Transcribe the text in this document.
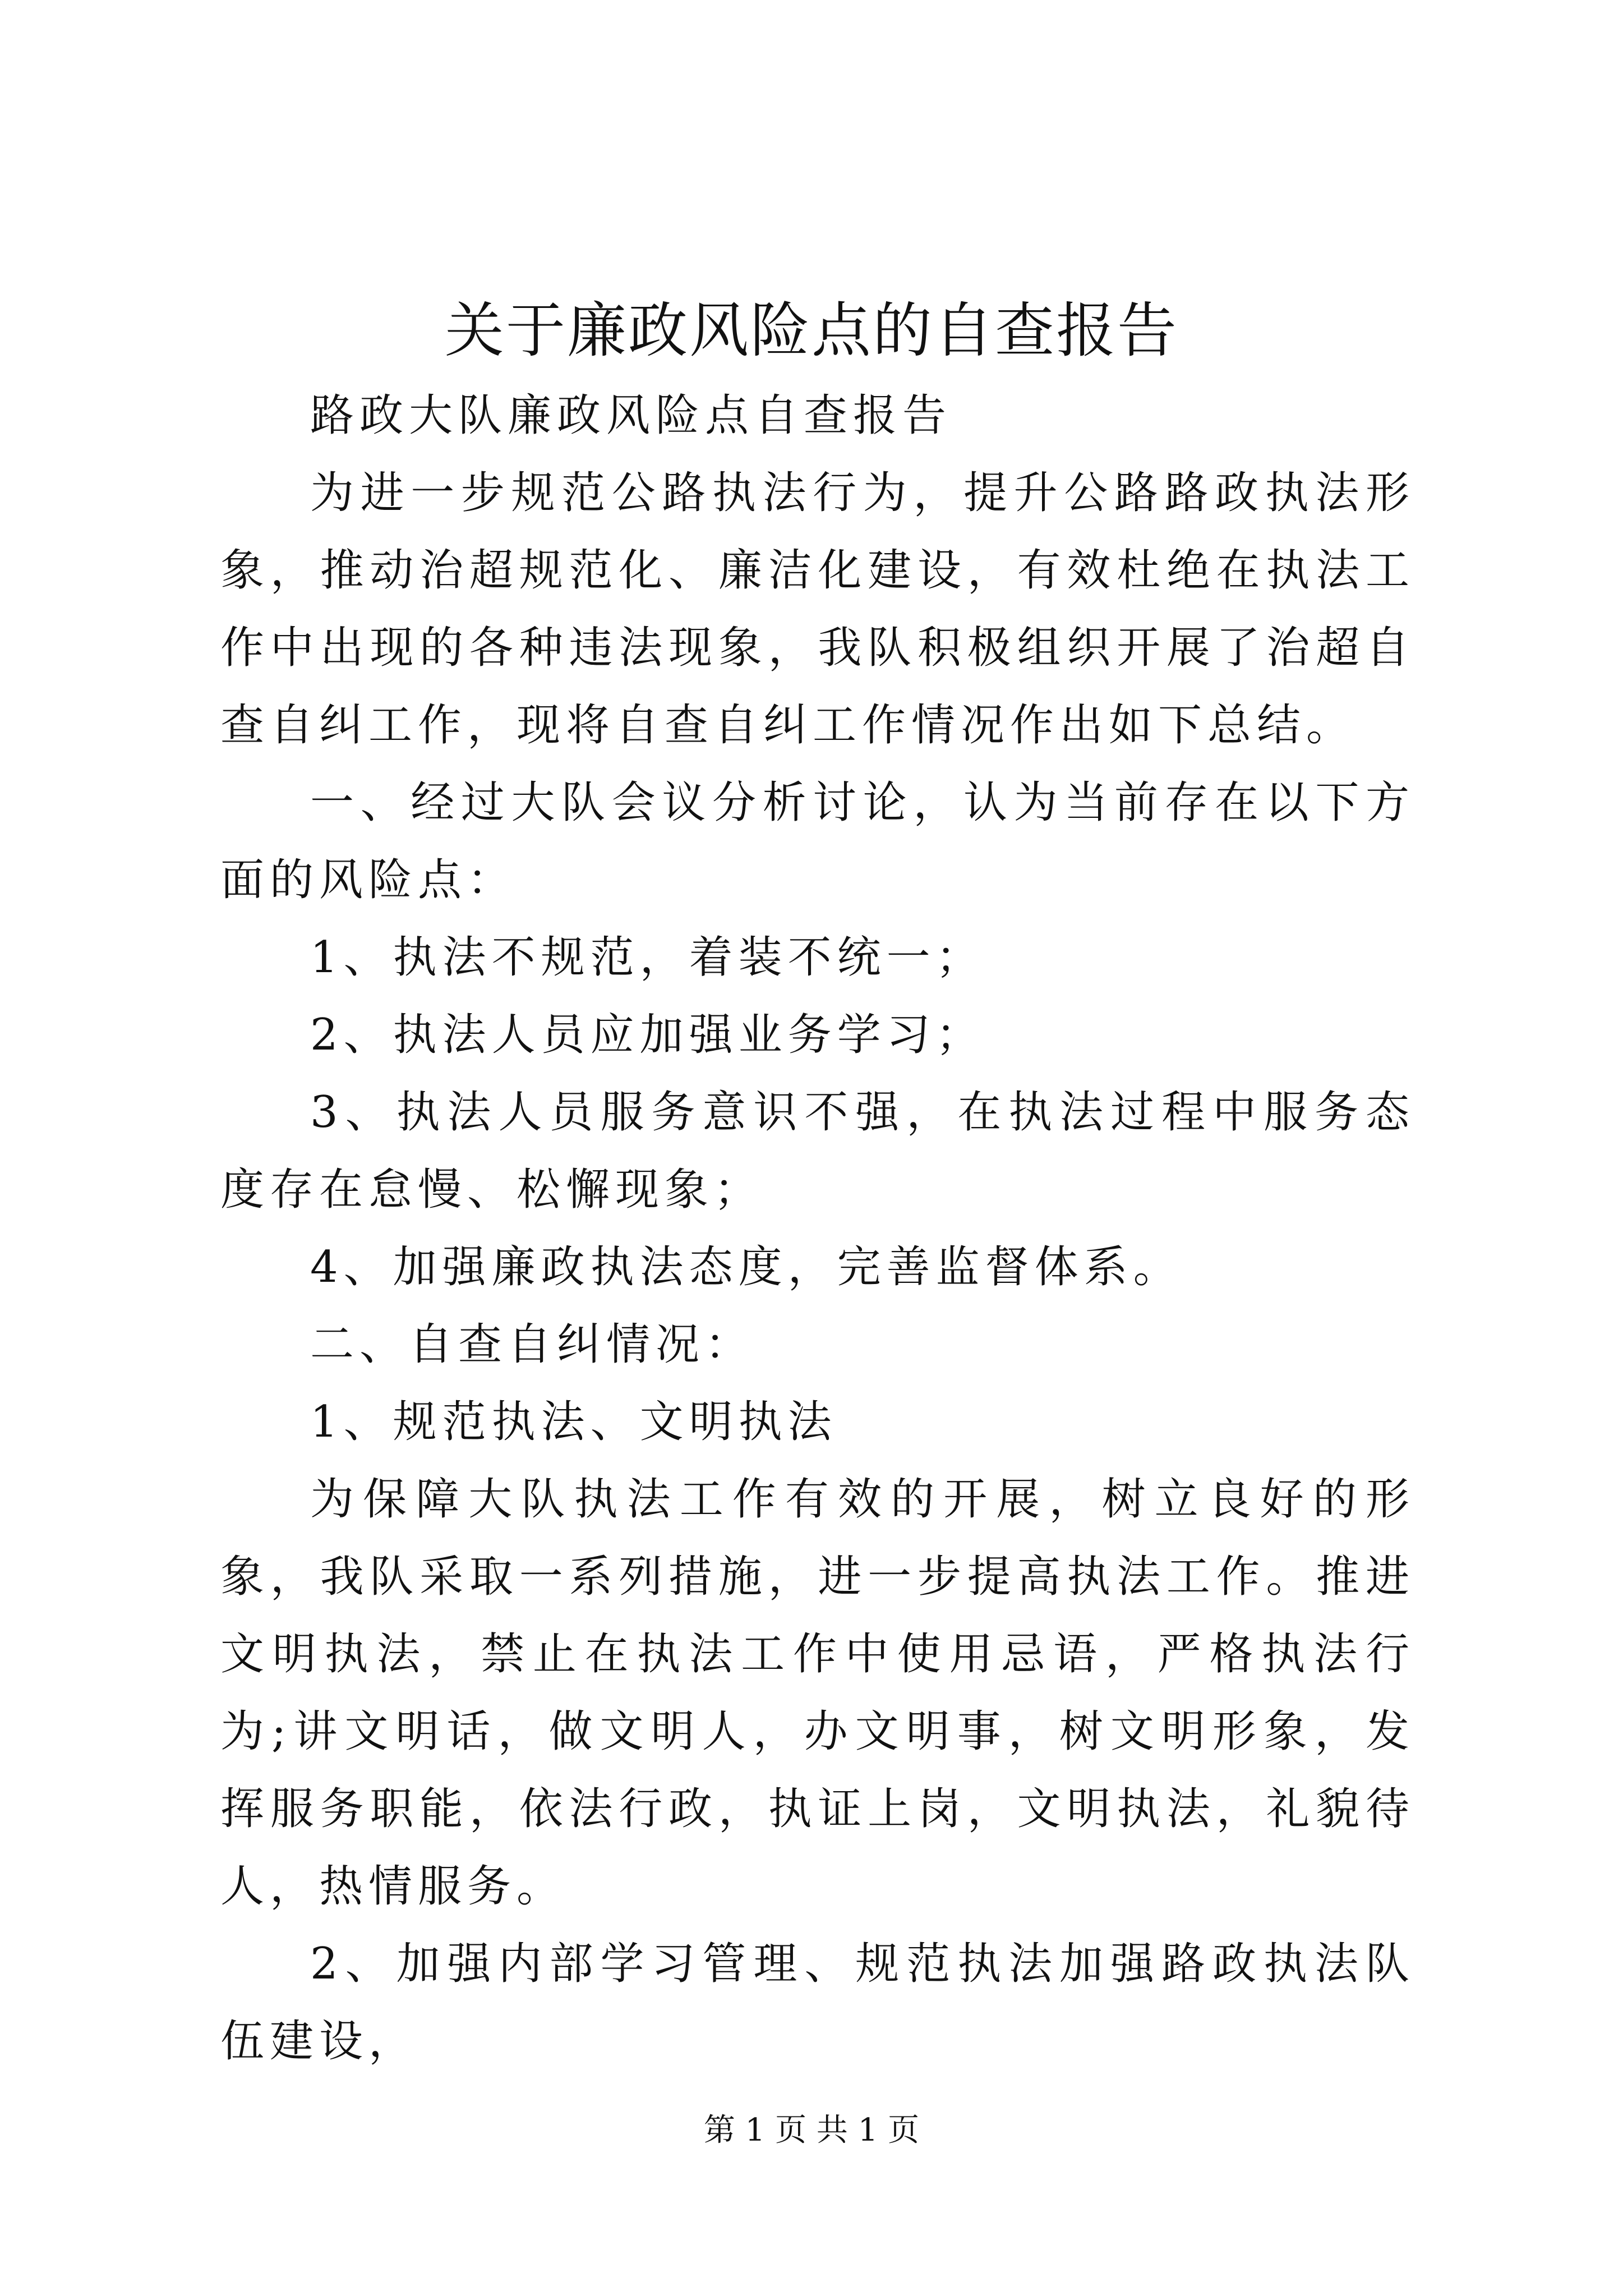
关于廉政风险点的自查报告

路政大队廉政风险点自查报告

为进一步规范公路执法行为，提升公路路政执法形象，推动治超规范化、廉洁化建设，有效杜绝在执法工作中出现的各种违法现象，我队积极组织开展了治超自查自纠工作，现将自查自纠工作情况作出如下总结。

一、经过大队会议分析讨论，认为当前存在以下方面的风险点：

1、执法不规范，着装不统一；

2、执法人员应加强业务学习；

3、执法人员服务意识不强，在执法过程中服务态度存在怠慢、松懈现象；

4、加强廉政执法态度，完善监督体系。

二、自查自纠情况：

1、规范执法、文明执法

为保障大队执法工作有效的开展，树立良好的形象，我队采取一系列措施，进一步提高执法工作。推进文明执法，禁止在执法工作中使用忌语，严格执法行为;讲文明话，做文明人，办文明事，树文明形象，发挥服务职能，依法行政，执证上岗，文明执法，礼貌待人，热情服务。

2、加强内部学习管理、规范执法加强路政执法队伍建设，

第 1 页 共 1 页
